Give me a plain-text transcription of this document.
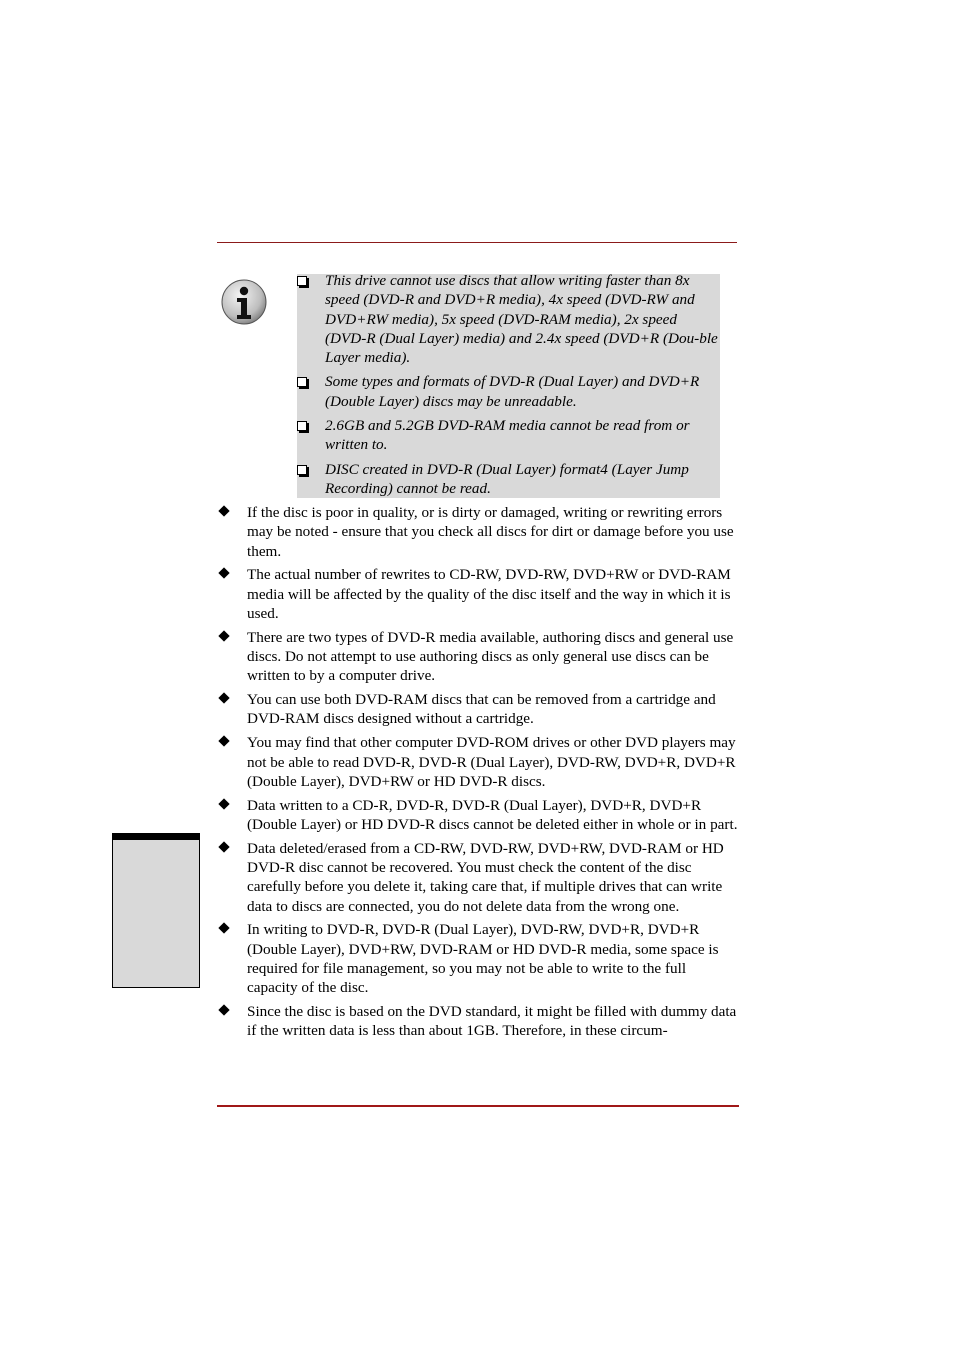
This drive cannot use discs that allow writing faster than 8x speed (DVD-R and DVD+R media), 4x speed (DVD-RW and DVD+RW media), 5x speed (DVD-RAM media), 2x speed (DVD-R (Dual Layer) media) and 2.4x speed (DVD+R (Dou-ble Layer media).
Some types and formats of DVD-R (Dual Layer) and DVD+R (Double Layer) discs may be unreadable.
2.6GB and 5.2GB DVD-RAM media cannot be read from or written to.
DISC created in DVD-R (Dual Layer) format4 (Layer Jump Recording) cannot be read.
If the disc is poor in quality, or is dirty or damaged, writing or rewriting errors may be noted - ensure that you check all discs for dirt or damage before you use them.
The actual number of rewrites to CD-RW, DVD-RW, DVD+RW or DVD-RAM media will be affected by the quality of the disc itself and the way in which it is used.
There are two types of DVD-R media available, authoring discs and general use discs. Do not attempt to use authoring discs as only general use discs can be written to by a computer drive.
You can use both DVD-RAM discs that can be removed from a cartridge and DVD-RAM discs designed without a cartridge.
You may find that other computer DVD-ROM drives or other DVD players may not be able to read DVD-R, DVD-R (Dual Layer), DVD-RW, DVD+R, DVD+R (Double Layer), DVD+RW or HD DVD-R discs.
Data written to a CD-R, DVD-R, DVD-R (Dual Layer), DVD+R, DVD+R (Double Layer) or HD DVD-R discs cannot be deleted either in whole or in part.
Data deleted/erased from a CD-RW, DVD-RW, DVD+RW, DVD-RAM or HD DVD-R disc cannot be recovered. You must check the content of the disc carefully before you delete it, taking care that, if multiple drives that can write data to discs are connected, you do not delete data from the wrong one.
In writing to DVD-R, DVD-R (Dual Layer), DVD-RW, DVD+R, DVD+R (Double Layer), DVD+RW, DVD-RAM or HD DVD-R media, some space is required for file management, so you may not be able to write to the full capacity of the disc.
Since the disc is based on the DVD standard, it might be filled with dummy data if the written data is less than about 1GB. Therefore, in these circum-
